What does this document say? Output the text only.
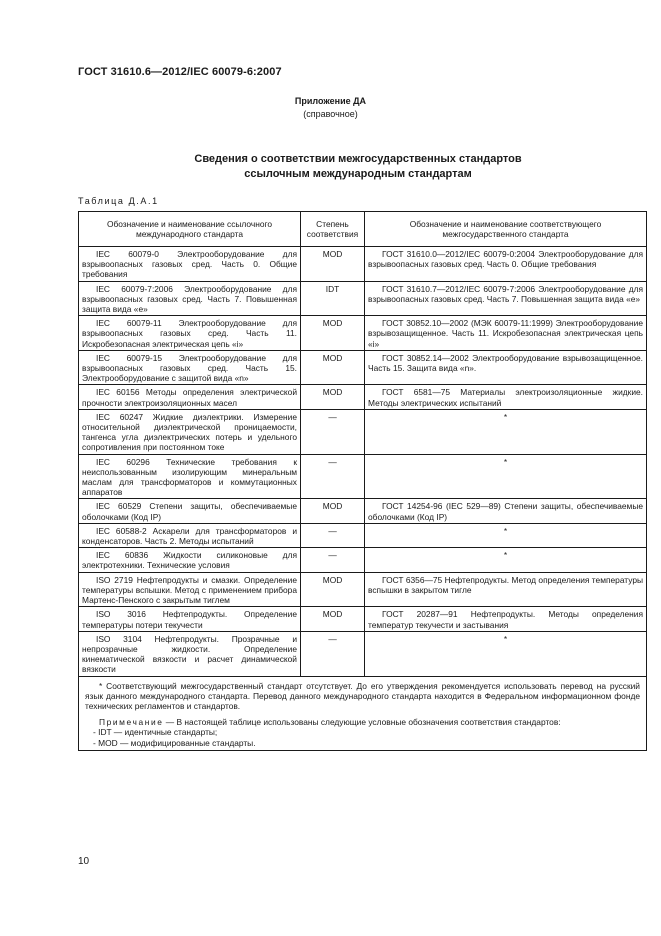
ГОСТ 31610.6—2012/IEC 60079-6:2007
Приложение ДА
(справочное)
Сведения о соответствии межгосударственных стандартов
ссылочным международным стандартам
Таблица Д.А.1
Обозначение и наименование ссылочного международного стандарта	Степень соответствия	Обозначение и наименование соответствующего межгосударственного стандарта
IEC 60079-0 Электрооборудование для взрывоопасных газовых сред. Часть 0. Общие требования	MOD	ГОСТ 31610.0—2012/IEC 60079-0:2004 Электрооборудование для взрывоопасных газовых сред. Часть 0. Общие требования
IEC 60079-7:2006 Электрооборудование для взрывоопасных газовых сред. Часть 7. Повышенная защита вида «е»	IDT	ГОСТ 31610.7—2012/IEC 60079-7:2006 Электрооборудование для взрывоопасных газовых сред. Часть 7. Повышенная защита вида «е»
IEC 60079-11 Электрооборудование для взрывоопасных газовых сред. Часть 11. Искробезопасная электрическая цепь «i»	MOD	ГОСТ 30852.10—2002 (МЭК 60079-11:1999) Электрооборудование взрывозащищенное. Часть 11. Искробезопасная электрическая цепь «i»
IEC 60079-15 Электрооборудование для взрывоопасных газовых сред. Часть 15. Электрооборудование с защитой вида «n»	MOD	ГОСТ 30852.14—2002 Электрооборудование взрывозащищенное. Часть 15. Защита вида «n».
IEC 60156 Методы определения электрической прочности электроизоляционных масел	MOD	ГОСТ 6581—75 Материалы электроизоляционные жидкие. Методы электрических испытаний
IEC 60247 Жидкие диэлектрики. Измерение относительной диэлектрической проницаемости, тангенса угла диэлектрических потерь и удельного сопротивления при постоянном токе	—	*
IEC 60296 Технические требования к неиспользованным изолирующим минеральным маслам для трансформаторов и коммутационных аппаратов	—	*
IEC 60529 Степени защиты, обеспечиваемые оболочками (Код IP)	MOD	ГОСТ 14254-96 (IEC 529—89) Степени защиты, обеспечиваемые оболочками (Код IP)
IEC 60588-2 Аскарели для трансформаторов и конденсаторов. Часть 2. Методы испытаний	—	*
IEC 60836 Жидкости силиконовые для электротехники. Технические условия	—	*
ISO 2719 Нефтепродукты и смазки. Определение температуры вспышки. Метод с применением прибора Мартенс-Пенского с закрытым тиглем	MOD	ГОСТ 6356—75 Нефтепродукты. Метод определения температуры вспышки в закрытом тигле
ISO 3016 Нефтепродукты. Определение температуры потери текучести	MOD	ГОСТ 20287—91 Нефтепродукты. Методы определения температур текучести и застывания
ISO 3104 Нефтепродукты. Прозрачные и непрозрачные жидкости. Определение кинематической вязкости и расчет динамической вязкости	—	*

* Соответствующий межгосударственный стандарт отсутствует. До его утверждения рекомендуется использовать перевод на русский язык данного международного стандарта. Перевод данного международного стандарта находится в Федеральном информационном фонде технических регламентов и стандартов.

Примечание — В настоящей таблице использованы следующие условные обозначения соответствия стандартов:

- IDT — идентичные стандарты;

- MOD — модифицированные стандарты.		

10
